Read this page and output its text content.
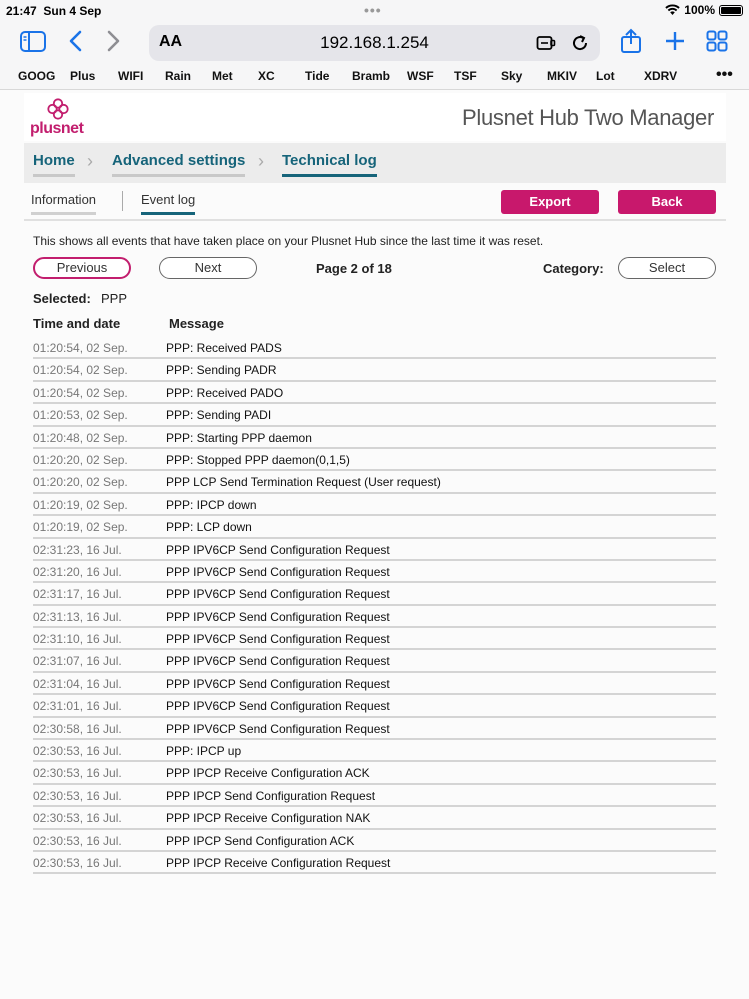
21:47 Sun 4 Sep	•••	100%
AA	192.168.1.254
GOOG Plus WIFI Rain Met XC	Tide Bramb WSF TSF Sky MKIV Lot XDRV •••
plusnet	Plusnet Hub Two Manager
Home › Advanced settings › Technical log
Information	Event log	Export	Back

This shows all events that have taken place on your Plusnet Hub since the last time it was reset.

Previous	Next	Page 2 of 18	Category:	Select
Selected: PPP
Time and date	Message
01:20:54, 02 Sep.	PPP: Received PADS
01:20:54, 02 Sep.	PPP: Sending PADR
01:20:54, 02 Sep.	PPP: Received PADO
01:20:53, 02 Sep.	PPP: Sending PADI
01:20:48, 02 Sep.	PPP: Starting PPP daemon
01:20:20, 02 Sep.	PPP: Stopped PPP daemon(0,1,5)
01:20:20, 02 Sep.	PPP LCP Send Termination Request (User request)
01:20:19, 02 Sep.	PPP: IPCP down
01:20:19, 02 Sep.	PPP: LCP down
02:31:23, 16 Jul.	PPP IPV6CP Send Configuration Request
02:31:20, 16 Jul.	PPP IPV6CP Send Configuration Request
02:31:17, 16 Jul.	PPP IPV6CP Send Configuration Request
02:31:13, 16 Jul.	PPP IPV6CP Send Configuration Request
02:31:10, 16 Jul.	PPP IPV6CP Send Configuration Request
02:31:07, 16 Jul.	PPP IPV6CP Send Configuration Request
02:31:04, 16 Jul.	PPP IPV6CP Send Configuration Request
02:31:01, 16 Jul.	PPP IPV6CP Send Configuration Request
02:30:58, 16 Jul.	PPP IPV6CP Send Configuration Request
02:30:53, 16 Jul.	PPP: IPCP up
02:30:53, 16 Jul.	PPP IPCP Receive Configuration ACK
02:30:53, 16 Jul.	PPP IPCP Send Configuration Request
02:30:53, 16 Jul.	PPP IPCP Receive Configuration NAK
02:30:53, 16 Jul.	PPP IPCP Send Configuration ACK
02:30:53, 16 Jul.	PPP IPCP Receive Configuration Request
